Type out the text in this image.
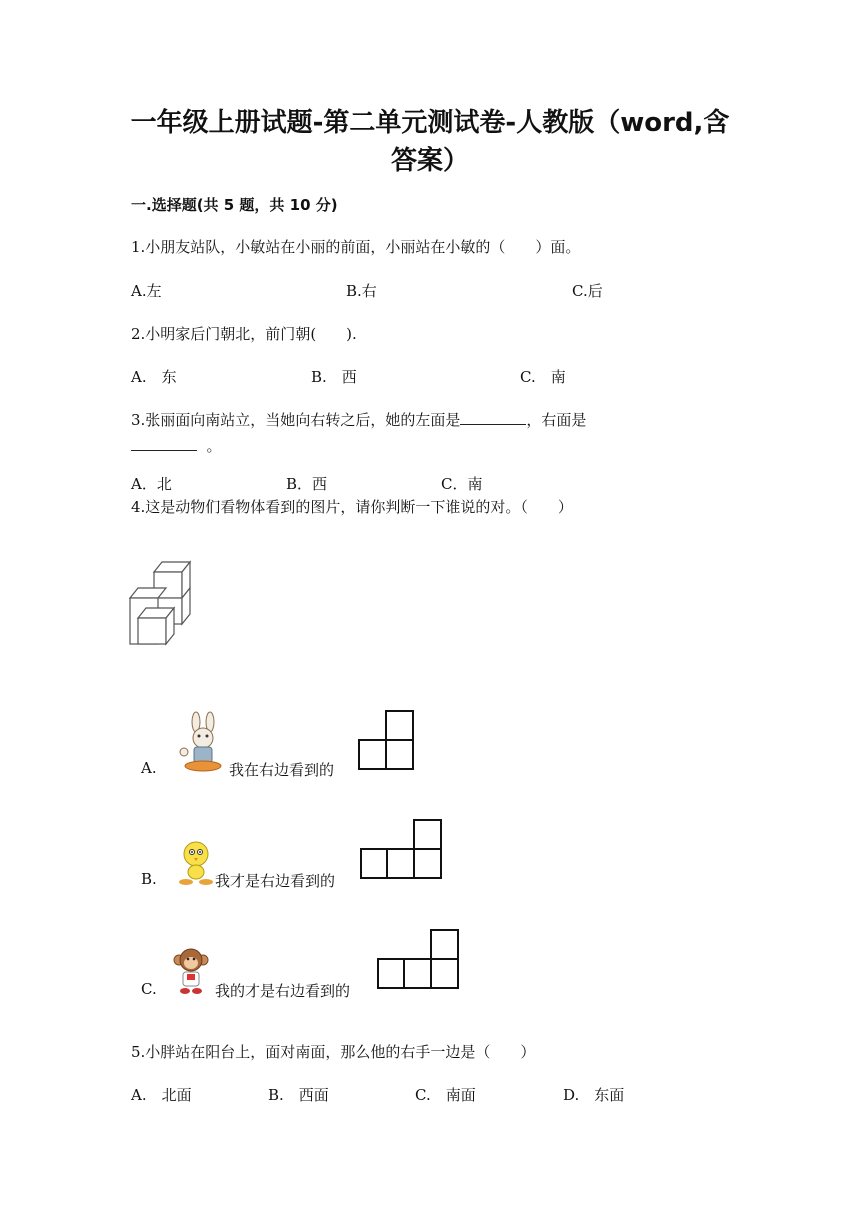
一年级上册试题-第二单元测试卷-人教版（word,含
答案）
一.选择题(共 5 题，共 10 分)
1.小朋友站队，小敏站在小丽的前面，小丽站在小敏的（　　）面。
A.左	B.右	C.后
2.小明家后门朝北，前门朝(　　).
A.　东	B.　西	C.　南
3.张丽面向南站立，当她向右转之后，她的左面是	，右面是
。
A．北	B．西	C．南
4.这是动物们看物体看到的图片，请你判断一下谁说的对。（　　）
A.	我在右边看到的
B.	我才是右边看到的
C.	我的才是右边看到的
5.小胖站在阳台上，面对南面，那么他的右手一边是（　　）
A.　北面	B.　西面	C.　南面	D.　东面
